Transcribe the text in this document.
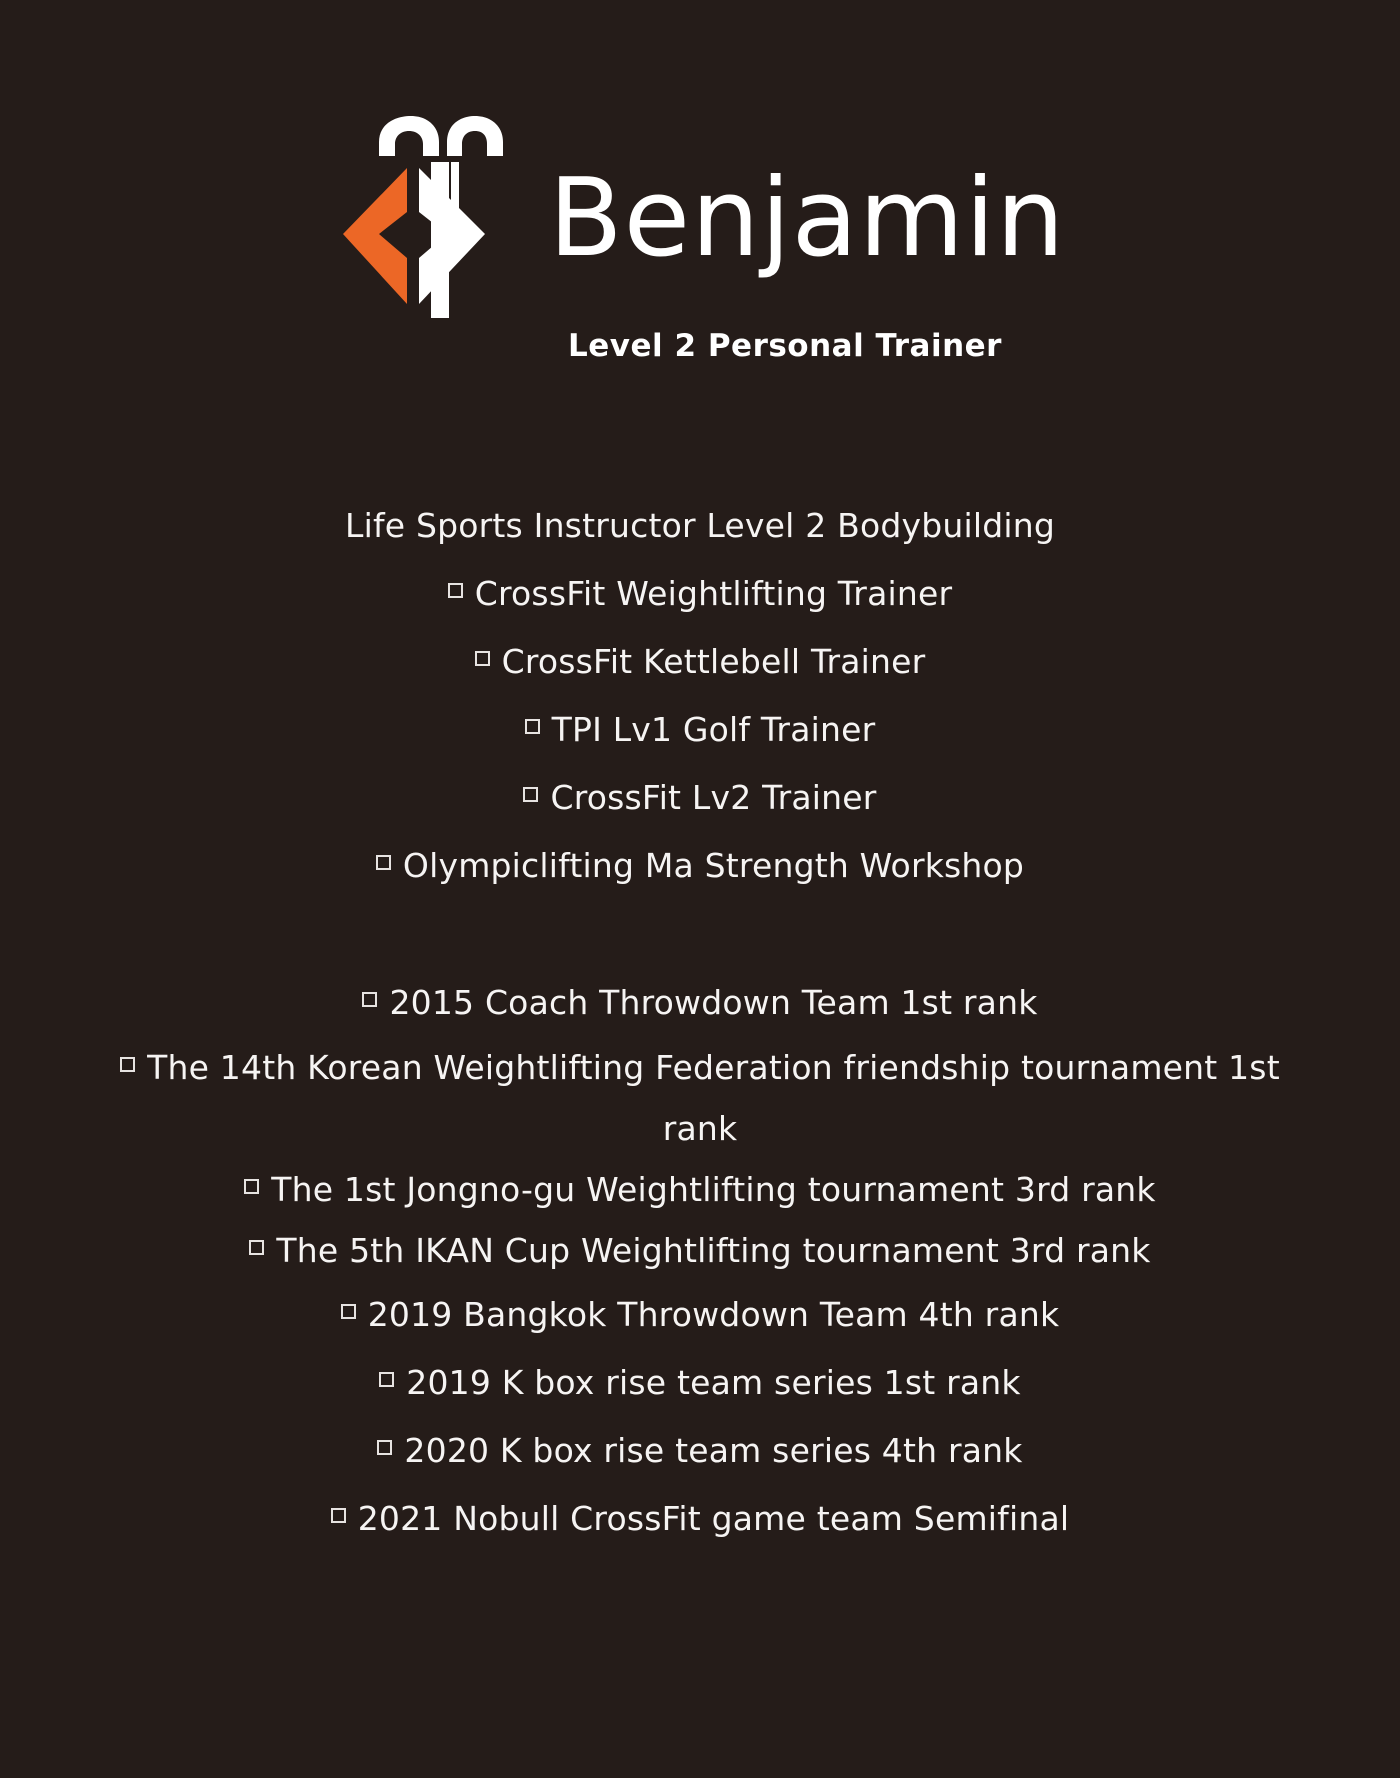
Benjamin
Level 2 Personal Trainer
Life Sports Instructor Level 2 Bodybuilding
CrossFit Weightlifting Trainer
CrossFit Kettlebell Trainer
TPI Lv1 Golf Trainer
CrossFit Lv2 Trainer
Olympiclifting Ma Strength Workshop
2015 Coach Throwdown Team 1st rank
The 14th Korean Weightlifting Federation friendship tournament 1st rank
The 1st Jongno-gu Weightlifting tournament 3rd rank
The 5th IKAN Cup Weightlifting tournament 3rd rank
2019 Bangkok Throwdown Team 4th rank
2019 K box rise team series 1st rank
2020 K box rise team series 4th rank
2021 Nobull CrossFit game team Semifinal
